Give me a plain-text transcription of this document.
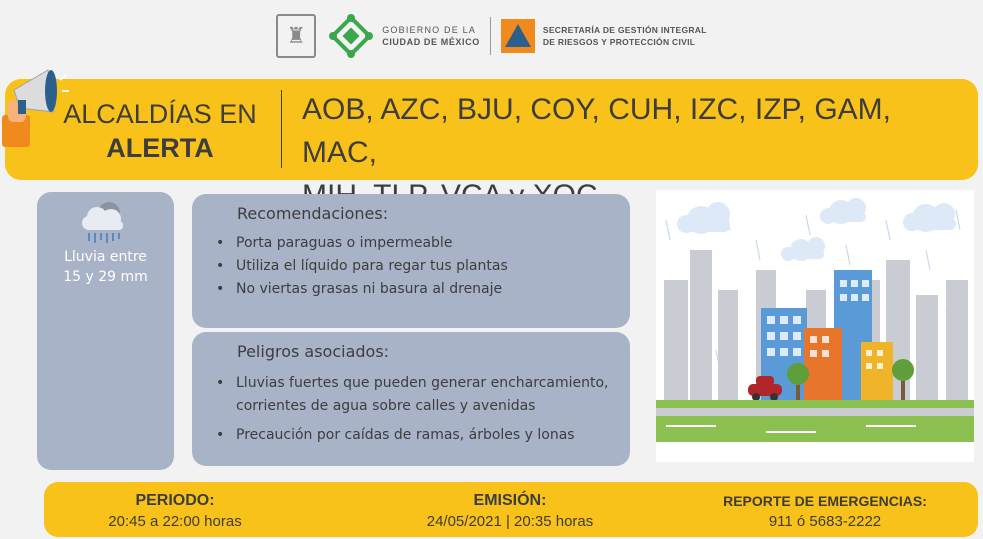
♜	GOBIERNO DE LA
CIUDAD DE MÉXICO
SECRETARÍA DE GESTIÓN INTEGRAL
DE RIESGOS Y PROTECCIÓN CIVIL
ALCALDÍAS EN
ALERTA
AOB, AZC, BJU, COY, CUH, IZC, IZP, GAM, MAC,
Lluvia entre
15 y 29 mm
Recomendaciones:
• Porta paraguas o impermeable
• Utiliza el líquido para regar tus plantas
• No viertas grasas ni basura al drenaje
Peligros asociados:
• Lluvias fuertes que pueden generar encharcamiento, corrientes de agua sobre calles y avenidas
• Precaución por caídas de ramas, árboles y lonas
PERIODO:
20:45 a 22:00 horas
EMISIÓN:
24/05/2021 | 20:35 horas
REPORTE DE EMERGENCIAS:
911 ó 5683-2222
